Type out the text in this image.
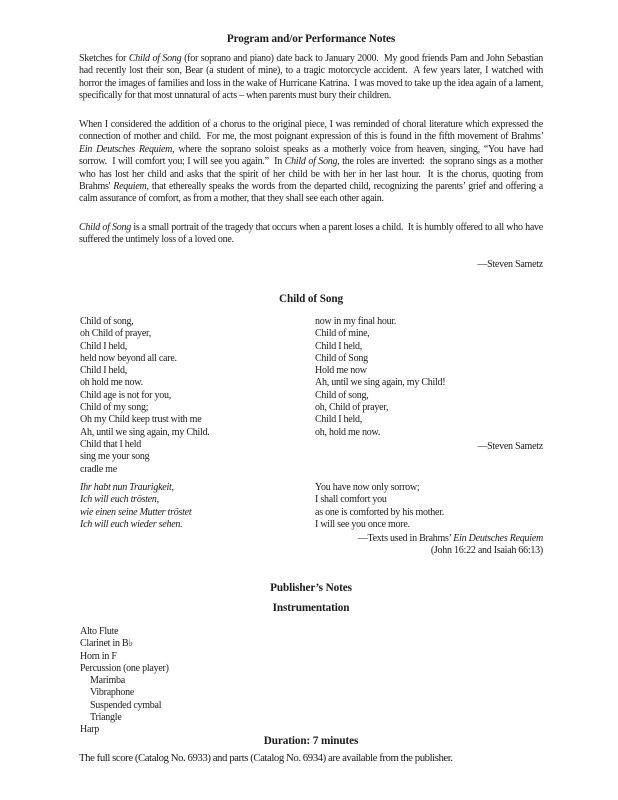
Program and/or Performance Notes

Sketches for Child of Song (for soprano and piano) date back to January 2000.  My good friends Pam and John Sebastian had recently lost their son, Bear (a student of mine), to a tragic motorcycle accident.  A few years later, I watched with horror the images of families and loss in the wake of Hurricane Katrina.  I was moved to take up the idea again of a lament, specifically for that most unnatural of acts – when parents must bury their children.

When I considered the addition of a chorus to the original piece, I was reminded of choral literature which expressed the connection of mother and child.  For me, the most poignant expression of this is found in the fifth movement of Brahms’ Ein Deutsches Requiem, where the soprano soloist speaks as a motherly voice from heaven, singing, “You have had sorrow.  I will comfort you; I will see you again.”  In Child of Song, the roles are inverted:  the soprano sings as a mother who has lost her child and asks that the spirit of her child be with her in her last hour.  It is the chorus, quoting from Brahms' Requiem, that ethereally speaks the words from the departed child, recognizing the parents’ grief and offering a calm assurance of comfort, as from a mother, that they shall see each other again.

Child of Song is a small portrait of the tragedy that occurs when a parent loses a child.  It is humbly offered to all who have suffered the untimely loss of a loved one.

—Steven Sametz
Child of Song
Child of song,
oh Child of prayer,
Child I held,
held now beyond all care.
Child I held,
oh hold me now.
Child age is not for you,
Child of my song;
Oh my Child keep trust with me
Ah, until we sing again, my Child.
Child that I held
sing me your song
cradle me
now in my final hour.
Child of mine,
Child I held,
Child of Song
Hold me now
Ah, until we sing again, my Child!
Child of song,
oh, Child of prayer,
Child I held,
oh, hold me now.
—Steven Sametz
Ihr habt nun Traurigkeit,
Ich will euch trösten,
wie einen seine Mutter tröstet
Ich will euch wieder sehen.
You have now only sorrow;
I shall comfort you
as one is comforted by his mother.
I will see you once more.
—Texts used in Brahms’ Ein Deutsches Requiem
(John 16:22 and Isaiah 66:13)
Publisher’s Notes
Instrumentation
Alto Flute
Clarinet in B♭
Horn in F
Percussion (one player)
Marimba
Vibraphone
Suspended cymbal
Triangle
Harp
Duration: 7 minutes
The full score (Catalog No. 6933) and parts (Catalog No. 6934) are available from the publisher.
